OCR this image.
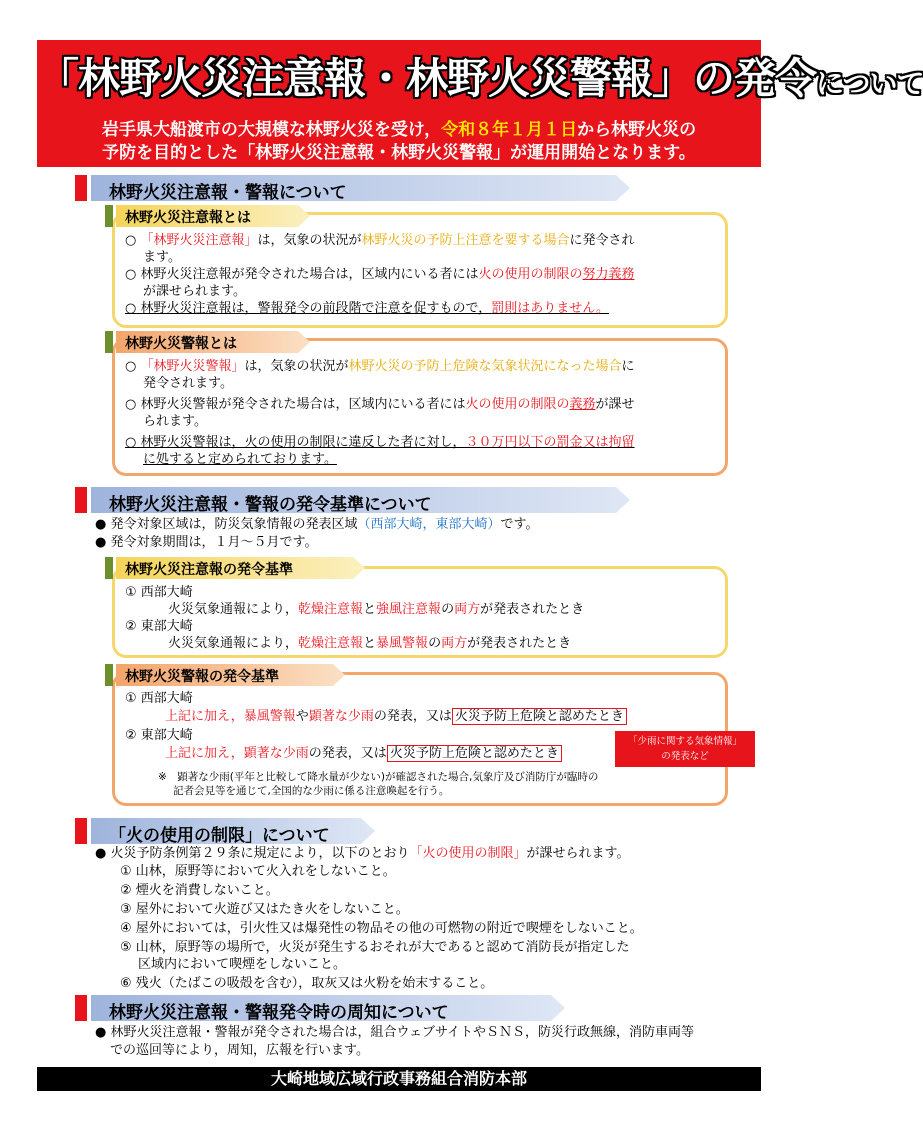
「林野火災注意報・林野火災警報」の発令について
岩手県大船渡市の大規模な林野火災を受け，令和８年１月１日から林野火災の
予防を目的とした「林野火災注意報・林野火災警報」が運用開始となります。
林野火災注意報・警報について
林野火災注意報とは
○ 「林野火災注意報」は，気象の状況が林野火災の予防上注意を要する場合に発令され
ます。
○ 林野火災注意報が発令された場合は，区域内にいる者には火の使用の制限の努力義務
が課せられます。
○ 林野火災注意報は，警報発令の前段階で注意を促すもので，罰則はありません。
林野火災警報とは
○ 「林野火災警報」は，気象の状況が林野火災の予防上危険な気象状況になった場合に
発令されます。
○ 林野火災警報が発令された場合は，区域内にいる者には火の使用の制限の義務が課せ
られます。
○ 林野火災警報は，火の使用の制限に違反した者に対し，３０万円以下の罰金又は拘留
に処すると定められております。
林野火災注意報・警報の発令基準について
● 発令対象区域は，防災気象情報の発表区域（西部大崎，東部大崎）です。
● 発令対象期間は，１月～５月です。
林野火災注意報の発令基準
① 西部大崎
火災気象通報により，乾燥注意報と強風注意報の両方が発表されたとき
② 東部大崎
火災気象通報により，乾燥注意報と暴風警報の両方が発表されたとき
林野火災警報の発令基準
① 西部大崎
上記に加え，暴風警報や顕著な少雨の発表，又は 火災予防上危険と認めたとき
② 東部大崎
上記に加え，顕著な少雨の発表，又は 火災予防上危険と認めたとき
「少雨に関する気象情報」
の発表など
※　顕著な少雨(平年と比較して降水量が少ない)が確認された場合,気象庁及び消防庁が臨時の
記者会見等を通じて,全国的な少雨に係る注意喚起を行う。
「火の使用の制限」について
● 火災予防条例第２９条に規定により，以下のとおり「火の使用の制限」が課せられます。
① 山林，原野等において火入れをしないこと。
② 煙火を消費しないこと。
③ 屋外において火遊び又はたき火をしないこと。
④ 屋外においては，引火性又は爆発性の物品その他の可燃物の附近で喫煙をしないこと。
⑤ 山林，原野等の場所で，火災が発生するおそれが大であると認めて消防長が指定した
区域内において喫煙をしないこと。
⑥ 残火（たばこの吸殻を含む），取灰又は火粉を始末すること。
林野火災注意報・警報発令時の周知について
● 林野火災注意報・警報が発令された場合は，組合ウェブサイトやＳＮＳ，防災行政無線，消防車両等
での巡回等により，周知，広報を行います。
大崎地域広域行政事務組合消防本部
